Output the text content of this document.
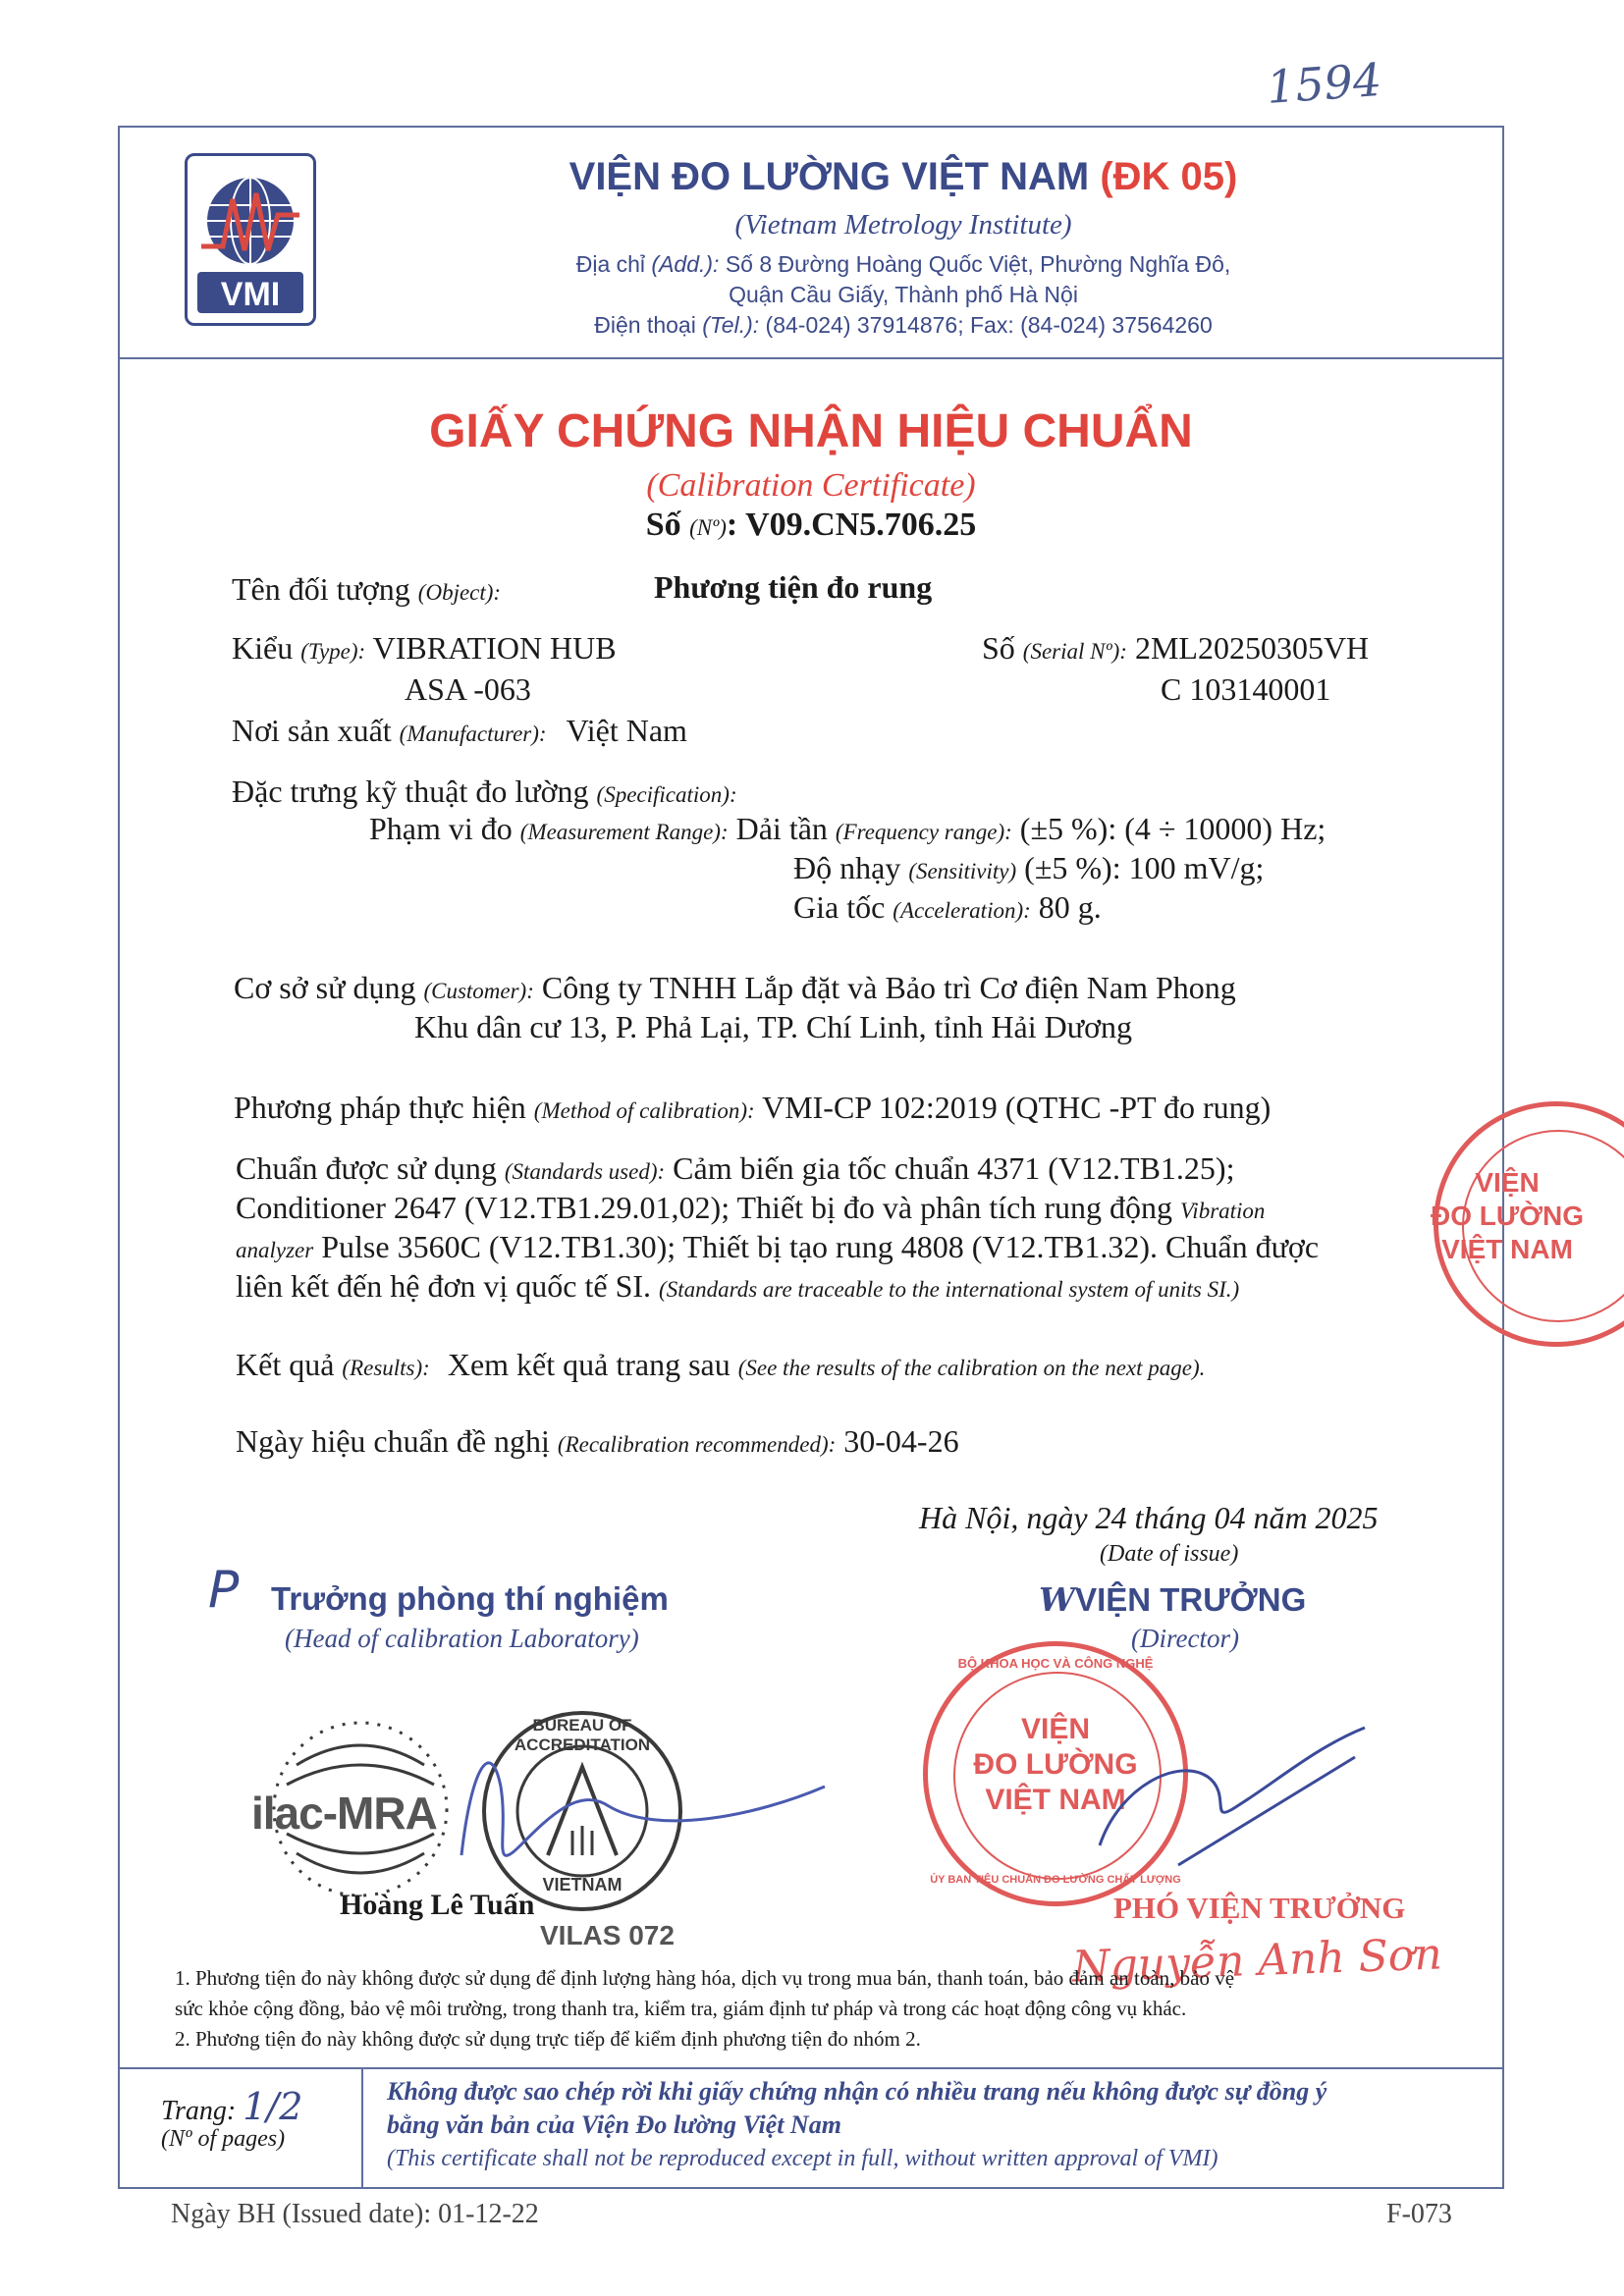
1594
VMI
VIỆN ĐO LƯỜNG VIỆT NAM (ĐK 05)
(Vietnam Metrology Institute)
Địa chỉ (Add.): Số 8 Đường Hoàng Quốc Việt, Phường Nghĩa Đô,
Quận Cầu Giấy, Thành phố Hà Nội
Điện thoại (Tel.): (84-024) 37914876; Fax: (84-024) 37564260
GIẤY CHỨNG NHẬN HIỆU CHUẨN
(Calibration Certificate)
Số (Nº): V09.CN5.706.25
Tên đối tượng (Object):	Phương tiện đo rung
Kiểu (Type): VIBRATION HUB
ASA -063
Số (Serial Nº): 2ML20250305VH
C 103140001
Nơi sản xuất (Manufacturer): Việt Nam
Đặc trưng kỹ thuật đo lường (Specification):
Phạm vi đo (Measurement Range): Dải tần (Frequency range): (±5 %): (4 ÷ 10000) Hz;
Độ nhạy (Sensitivity) (±5 %): 100 mV/g;
Gia tốc (Acceleration): 80 g.
Cơ sở sử dụng (Customer): Công ty TNHH Lắp đặt và Bảo trì Cơ điện Nam Phong
Khu dân cư 13, P. Phả Lại, TP. Chí Linh, tỉnh Hải Dương
Phương pháp thực hiện (Method of calibration): VMI-CP 102:2019 (QTHC -PT đo rung)
Chuẩn được sử dụng (Standards used): Cảm biến gia tốc chuẩn 4371 (V12.TB1.25);
Conditioner 2647 (V12.TB1.29.01,02); Thiết bị đo và phân tích rung động Vibration
analyzer Pulse 3560C (V12.TB1.30); Thiết bị tạo rung 4808 (V12.TB1.32). Chuẩn được
liên kết đến hệ đơn vị quốc tế SI. (Standards are traceable to the international system of units SI.)
Kết quả (Results): Xem kết quả trang sau (See the results of the calibration on the next page).
Ngày hiệu chuẩn đề nghị (Recalibration recommended): 30-04-26
Hà Nội, ngày 24 tháng 04 năm 2025
(Date of issue)
P Trưởng phòng thí nghiệm
(Head of calibration Laboratory)
WVIỆN TRƯỞNG
(Director)
ilac-MRA
BUREAU OF ACCREDITATION
VIETNAM
Hoàng Lê Tuấn
VILAS 072
BỘ KHOA HỌC VÀ CÔNG NGHỆ
VIỆN
ĐO LƯỜNG
VIỆT NAM
ỦY BAN TIÊU CHUẨN ĐO LƯỜNG CHẤT LƯỢNG
PHÓ VIỆN TRƯỞNG
Nguyễn Anh Sơn
VIỆN
ĐO LƯỜNG
VIỆT NAM
1. Phương tiện đo này không được sử dụng để định lượng hàng hóa, dịch vụ trong mua bán, thanh toán, bảo đảm an toàn, bảo vệ
sức khỏe cộng đồng, bảo vệ môi trường, trong thanh tra, kiểm tra, giám định tư pháp và trong các hoạt động công vụ khác.
2. Phương tiện đo này không được sử dụng trực tiếp để kiểm định phương tiện đo nhóm 2.
Trang: 1/2
(Nº of pages)
Không được sao chép rời khi giấy chứng nhận có nhiều trang nếu không được sự đồng ý
bằng văn bản của Viện Đo lường Việt Nam
(This certificate shall not be reproduced except in full, without written approval of VMI)
Ngày BH (Issued date): 01-12-22	F-073
